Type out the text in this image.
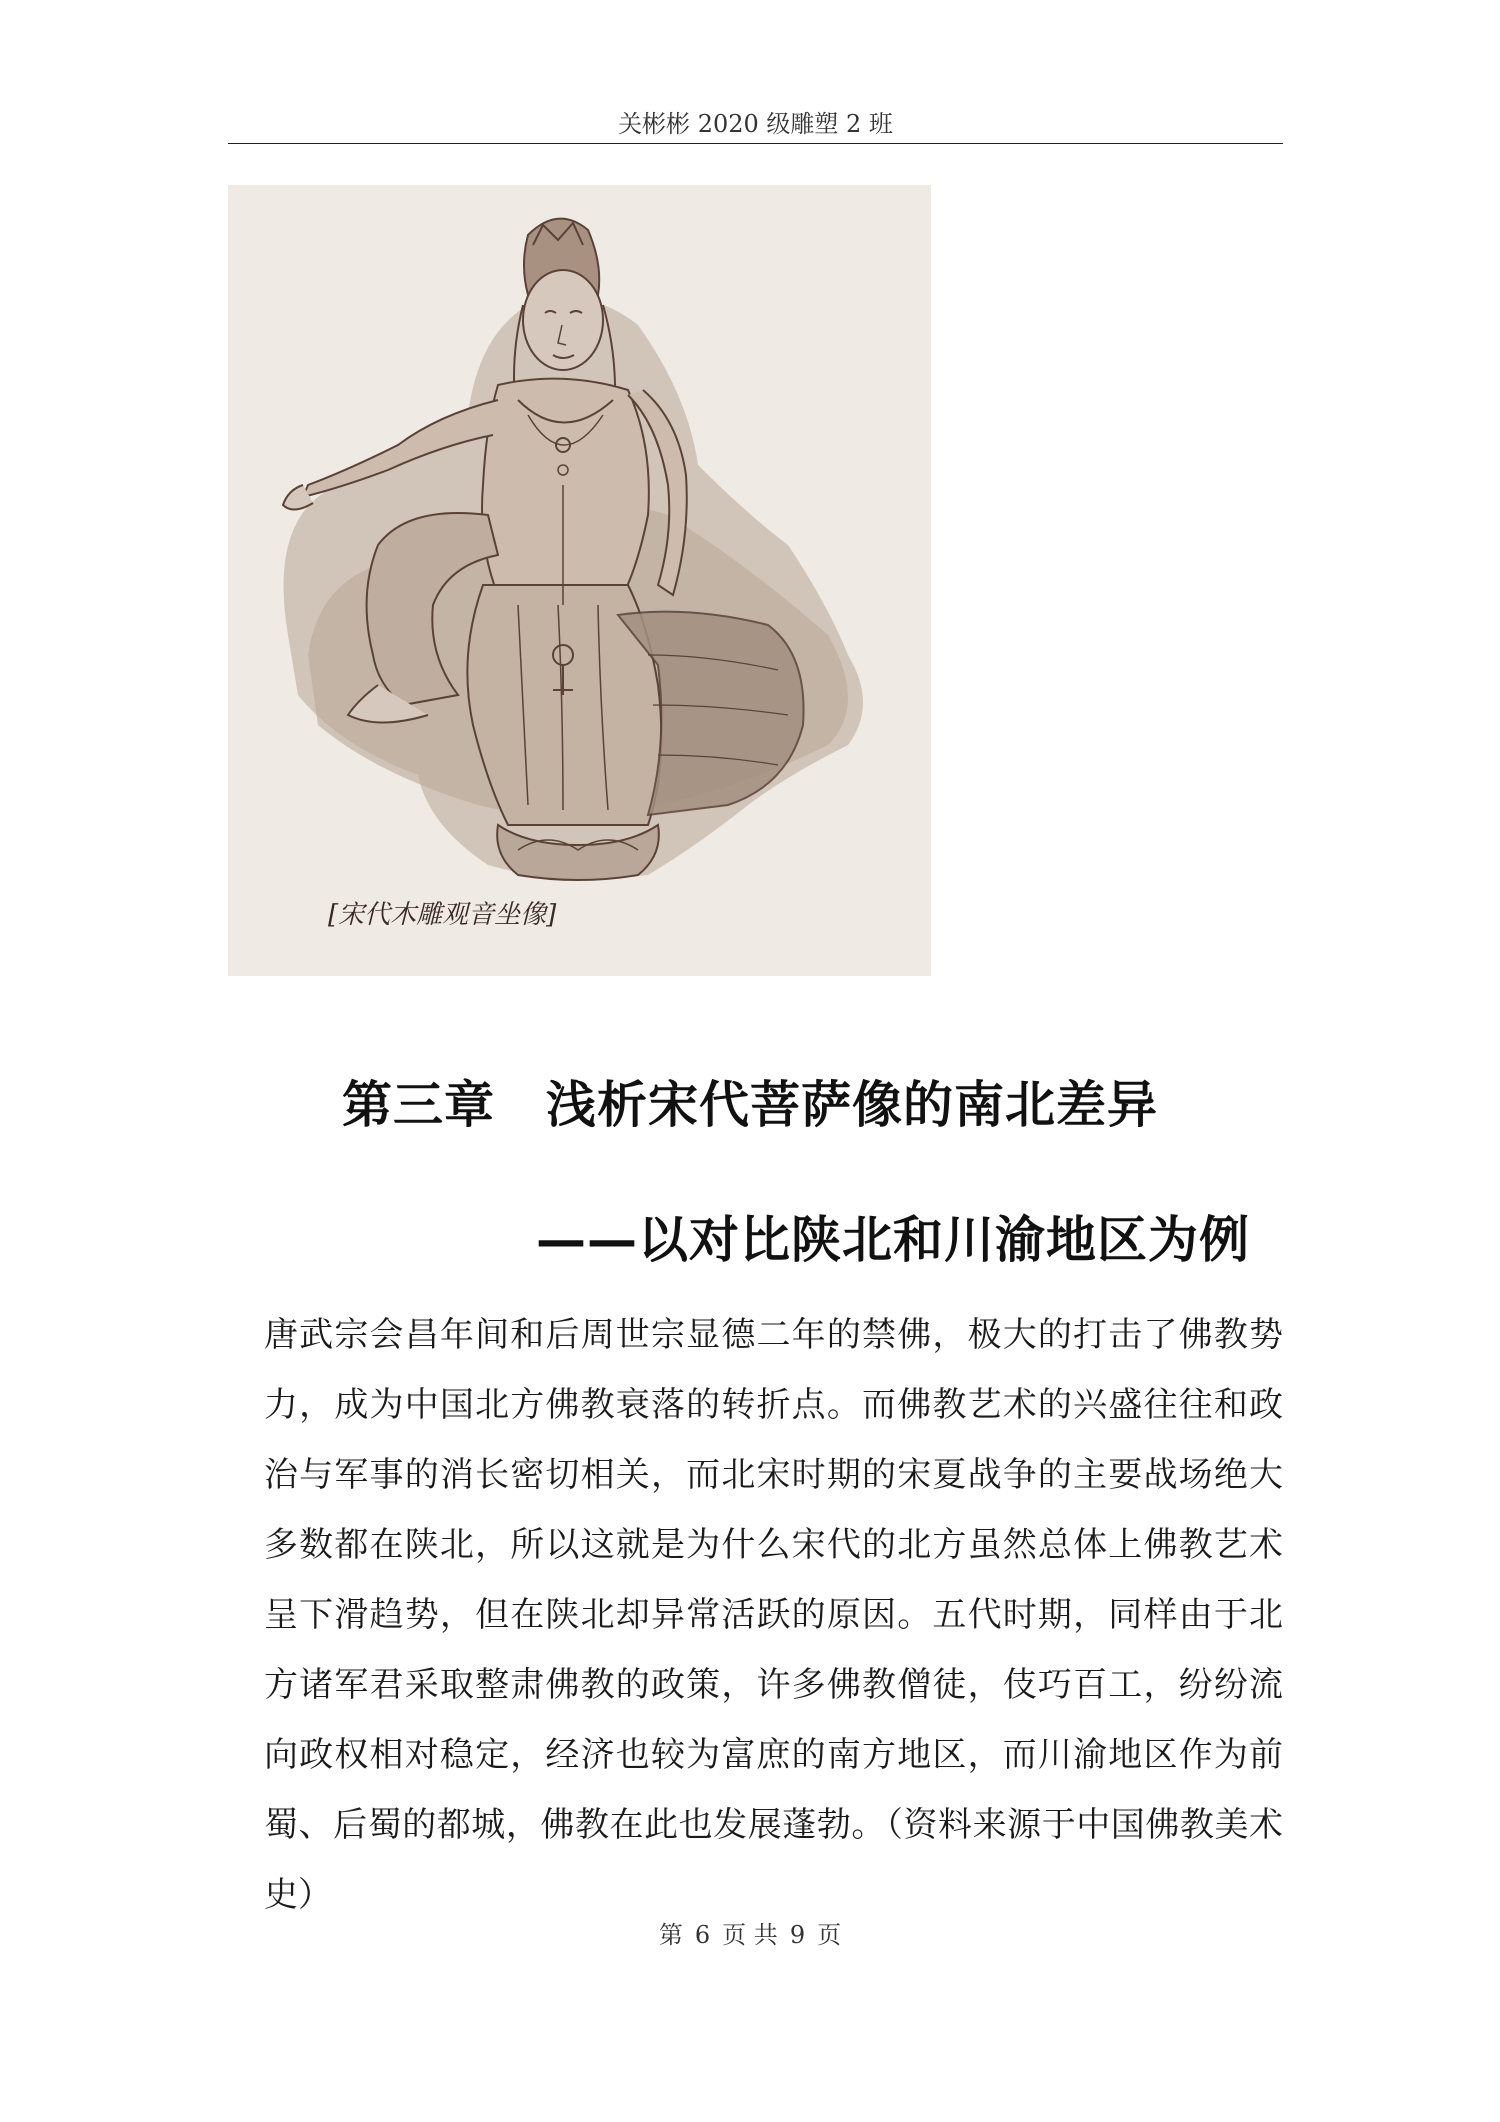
关彬彬 2020 级雕塑 2 班
[宋代木雕观音坐像]
第三章　浅析宋代菩萨像的南北差异
——以对比陕北和川渝地区为例
唐武宗会昌年间和后周世宗显德二年的禁佛，极大的打击了佛教势力，成为中国北方佛教衰落的转折点。而佛教艺术的兴盛往往和政治与军事的消长密切相关，而北宋时期的宋夏战争的主要战场绝大多数都在陕北，所以这就是为什么宋代的北方虽然总体上佛教艺术呈下滑趋势，但在陕北却异常活跃的原因。五代时期，同样由于北方诸军君采取整肃佛教的政策，许多佛教僧徒，伎巧百工，纷纷流向政权相对稳定，经济也较为富庶的南方地区，而川渝地区作为前蜀、后蜀的都城，佛教在此也发展蓬勃。（资料来源于中国佛教美术史）
第 6 页 共 9 页
